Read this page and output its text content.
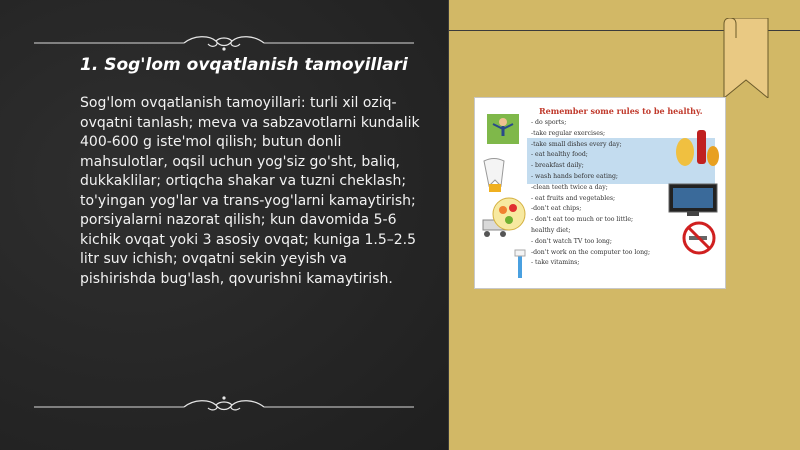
1. Sog'lom ovqatlanish tamoyillari

Sog'lom ovqatlanish tamoyillari: turli xil oziq-ovqatni tanlash; meva va sabzavotlarni kundalik 400-600 g iste'mol qilish; butun donli mahsulotlar, oqsil uchun yog'siz go'sht, baliq, dukkaklilar; ortiqcha shakar va tuzni cheklash; to'yingan yog'lar va trans-yog'larni kamaytirish; porsiyalarni nazorat qilish; kun davomida 5-6 kichik ovqat yoki 3 asosiy ovqat; kuniga 1.5–2.5 litr suv ichish; ovqatni sekin yeyish va pishirishda bug'lash, qovurishni kamaytirish.

Remember some rules to be healthy.

- do sports;
-take regular exercises;
-take small dishes every day;
- eat healthy food;
- breakfast daily;
- wash hands before eating;
-clean teeth twice a day;
- eat fruits and vegetables;
-don't eat chips;
- don't eat too much or too little;
healthy diet;
- don't watch TV too long;
-don't work on the computer too long;
- take vitamins;
